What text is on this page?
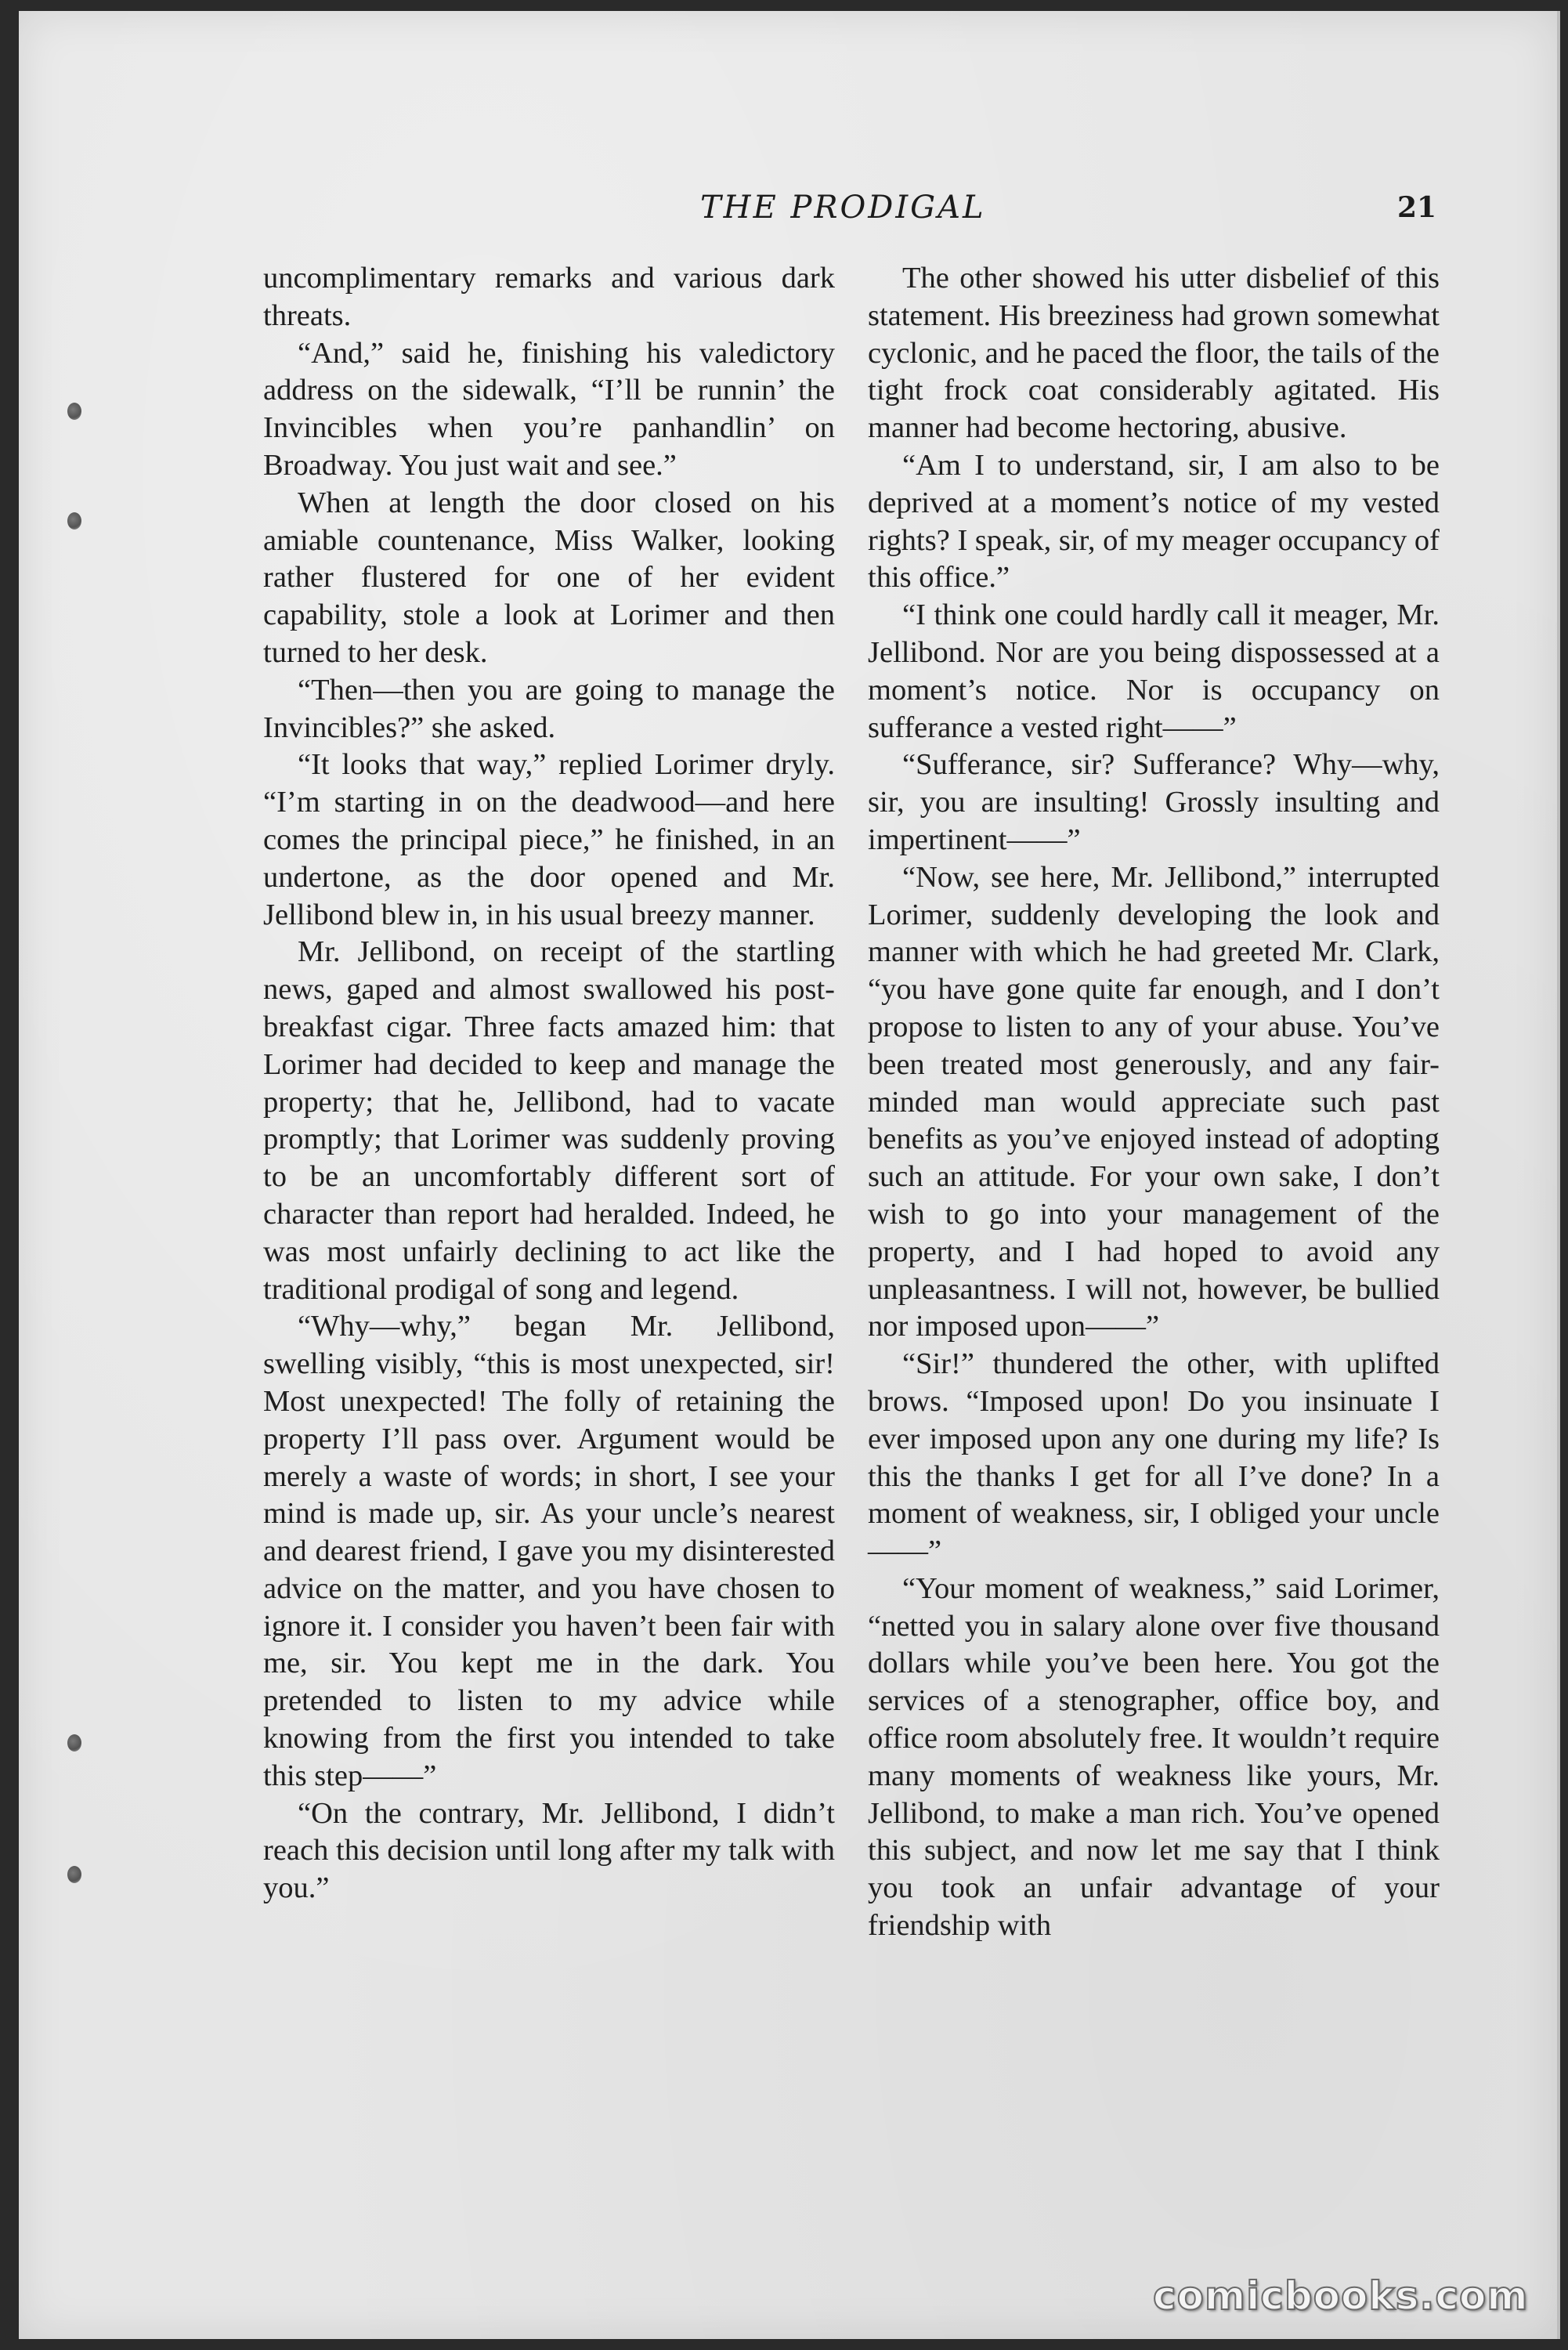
THE PRODIGAL	21

uncomplimentary remarks and various dark threats.

“And,” said he, finishing his valedictory address on the sidewalk, “I’ll be runnin’ the Invincibles when you’re panhandlin’ on Broadway. You just wait and see.”

When at length the door closed on his amiable countenance, Miss Walker, looking rather flustered for one of her evident capability, stole a look at Lorimer and then turned to her desk.

“Then—then you are going to manage the Invincibles?” she asked.

“It looks that way,” replied Lorimer dryly. “I’m starting in on the deadwood—and here comes the principal piece,” he finished, in an undertone, as the door opened and Mr. Jellibond blew in, in his usual breezy manner.

Mr. Jellibond, on receipt of the startling news, gaped and almost swallowed his post-breakfast cigar. Three facts amazed him: that Lorimer had decided to keep and manage the property; that he, Jellibond, had to vacate promptly; that Lorimer was suddenly proving to be an uncomfortably different sort of character than report had heralded. Indeed, he was most unfairly declining to act like the traditional prodigal of song and legend.

“Why—why,” began Mr. Jellibond, swelling visibly, “this is most unexpected, sir! Most unexpected! The folly of retaining the property I’ll pass over. Argument would be merely a waste of words; in short, I see your mind is made up, sir. As your uncle’s nearest and dearest friend, I gave you my disinterested advice on the matter, and you have chosen to ignore it. I consider you haven’t been fair with me, sir. You kept me in the dark. You pretended to listen to my advice while knowing from the first you intended to take this step——”

“On the contrary, Mr. Jellibond, I didn’t reach this decision until long after my talk with you.”

The other showed his utter disbelief of this statement. His breeziness had grown somewhat cyclonic, and he paced the floor, the tails of the tight frock coat considerably agitated. His manner had become hectoring, abusive.

“Am I to understand, sir, I am also to be deprived at a moment’s notice of my vested rights? I speak, sir, of my meager occupancy of this office.”

“I think one could hardly call it meager, Mr. Jellibond. Nor are you being dispossessed at a moment’s notice. Nor is occupancy on sufferance a vested right——”

“Sufferance, sir? Sufferance? Why—why, sir, you are insulting! Grossly insulting and impertinent——”

“Now, see here, Mr. Jellibond,” interrupted Lorimer, suddenly developing the look and manner with which he had greeted Mr. Clark, “you have gone quite far enough, and I don’t propose to listen to any of your abuse. You’ve been treated most generously, and any fair-minded man would appreciate such past benefits as you’ve enjoyed instead of adopting such an attitude. For your own sake, I don’t wish to go into your management of the property, and I had hoped to avoid any unpleasantness. I will not, however, be bullied nor imposed upon——”

“Sir!” thundered the other, with uplifted brows. “Imposed upon! Do you insinuate I ever imposed upon any one during my life? Is this the thanks I get for all I’ve done? In a moment of weakness, sir, I obliged your uncle——”

“Your moment of weakness,” said Lorimer, “netted you in salary alone over five thousand dollars while you’ve been here. You got the services of a stenographer, office boy, and office room absolutely free. It wouldn’t require many moments of weakness like yours, Mr. Jellibond, to make a man rich. You’ve opened this subject, and now let me say that I think you took an unfair advantage of your friendship with

comicbooks.com
